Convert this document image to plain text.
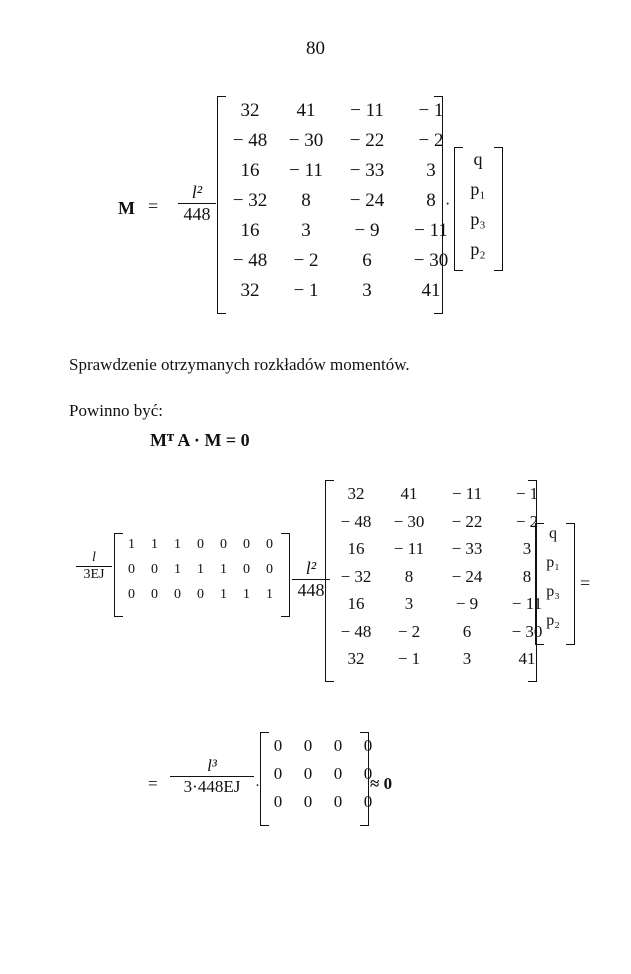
80
M =
l²
448
32	41	− 11	− 1
− 48	− 30	− 22	− 2
16	− 11	− 33	3
− 32	8	− 24	8
16	3	− 9	− 11
− 48	− 2	6	− 30
32	− 1	3	41
·
q
p₁
p₃
p₂
Sprawdzenie otrzymanych rozkładów momentów.
Powinno być:
Mᵀ A · M = 0
l
3EJ
1	1	1	0	0	0	0
0	0	1	1	1	0	0
0	0	0	0	1	1	1
l²
448
32	41	− 11	− 1
− 48	− 30	− 22	− 2
16	− 11	− 33	3
− 32	8	− 24	8
16	3	− 9	− 11
− 48	− 2	6	− 30
32	− 1	3	41
q
p₁
p₃
p₂
=
=
l³
3·448EJ ·
0	0	0	0
0	0	0	0
0	0	0	0
≈ 0
